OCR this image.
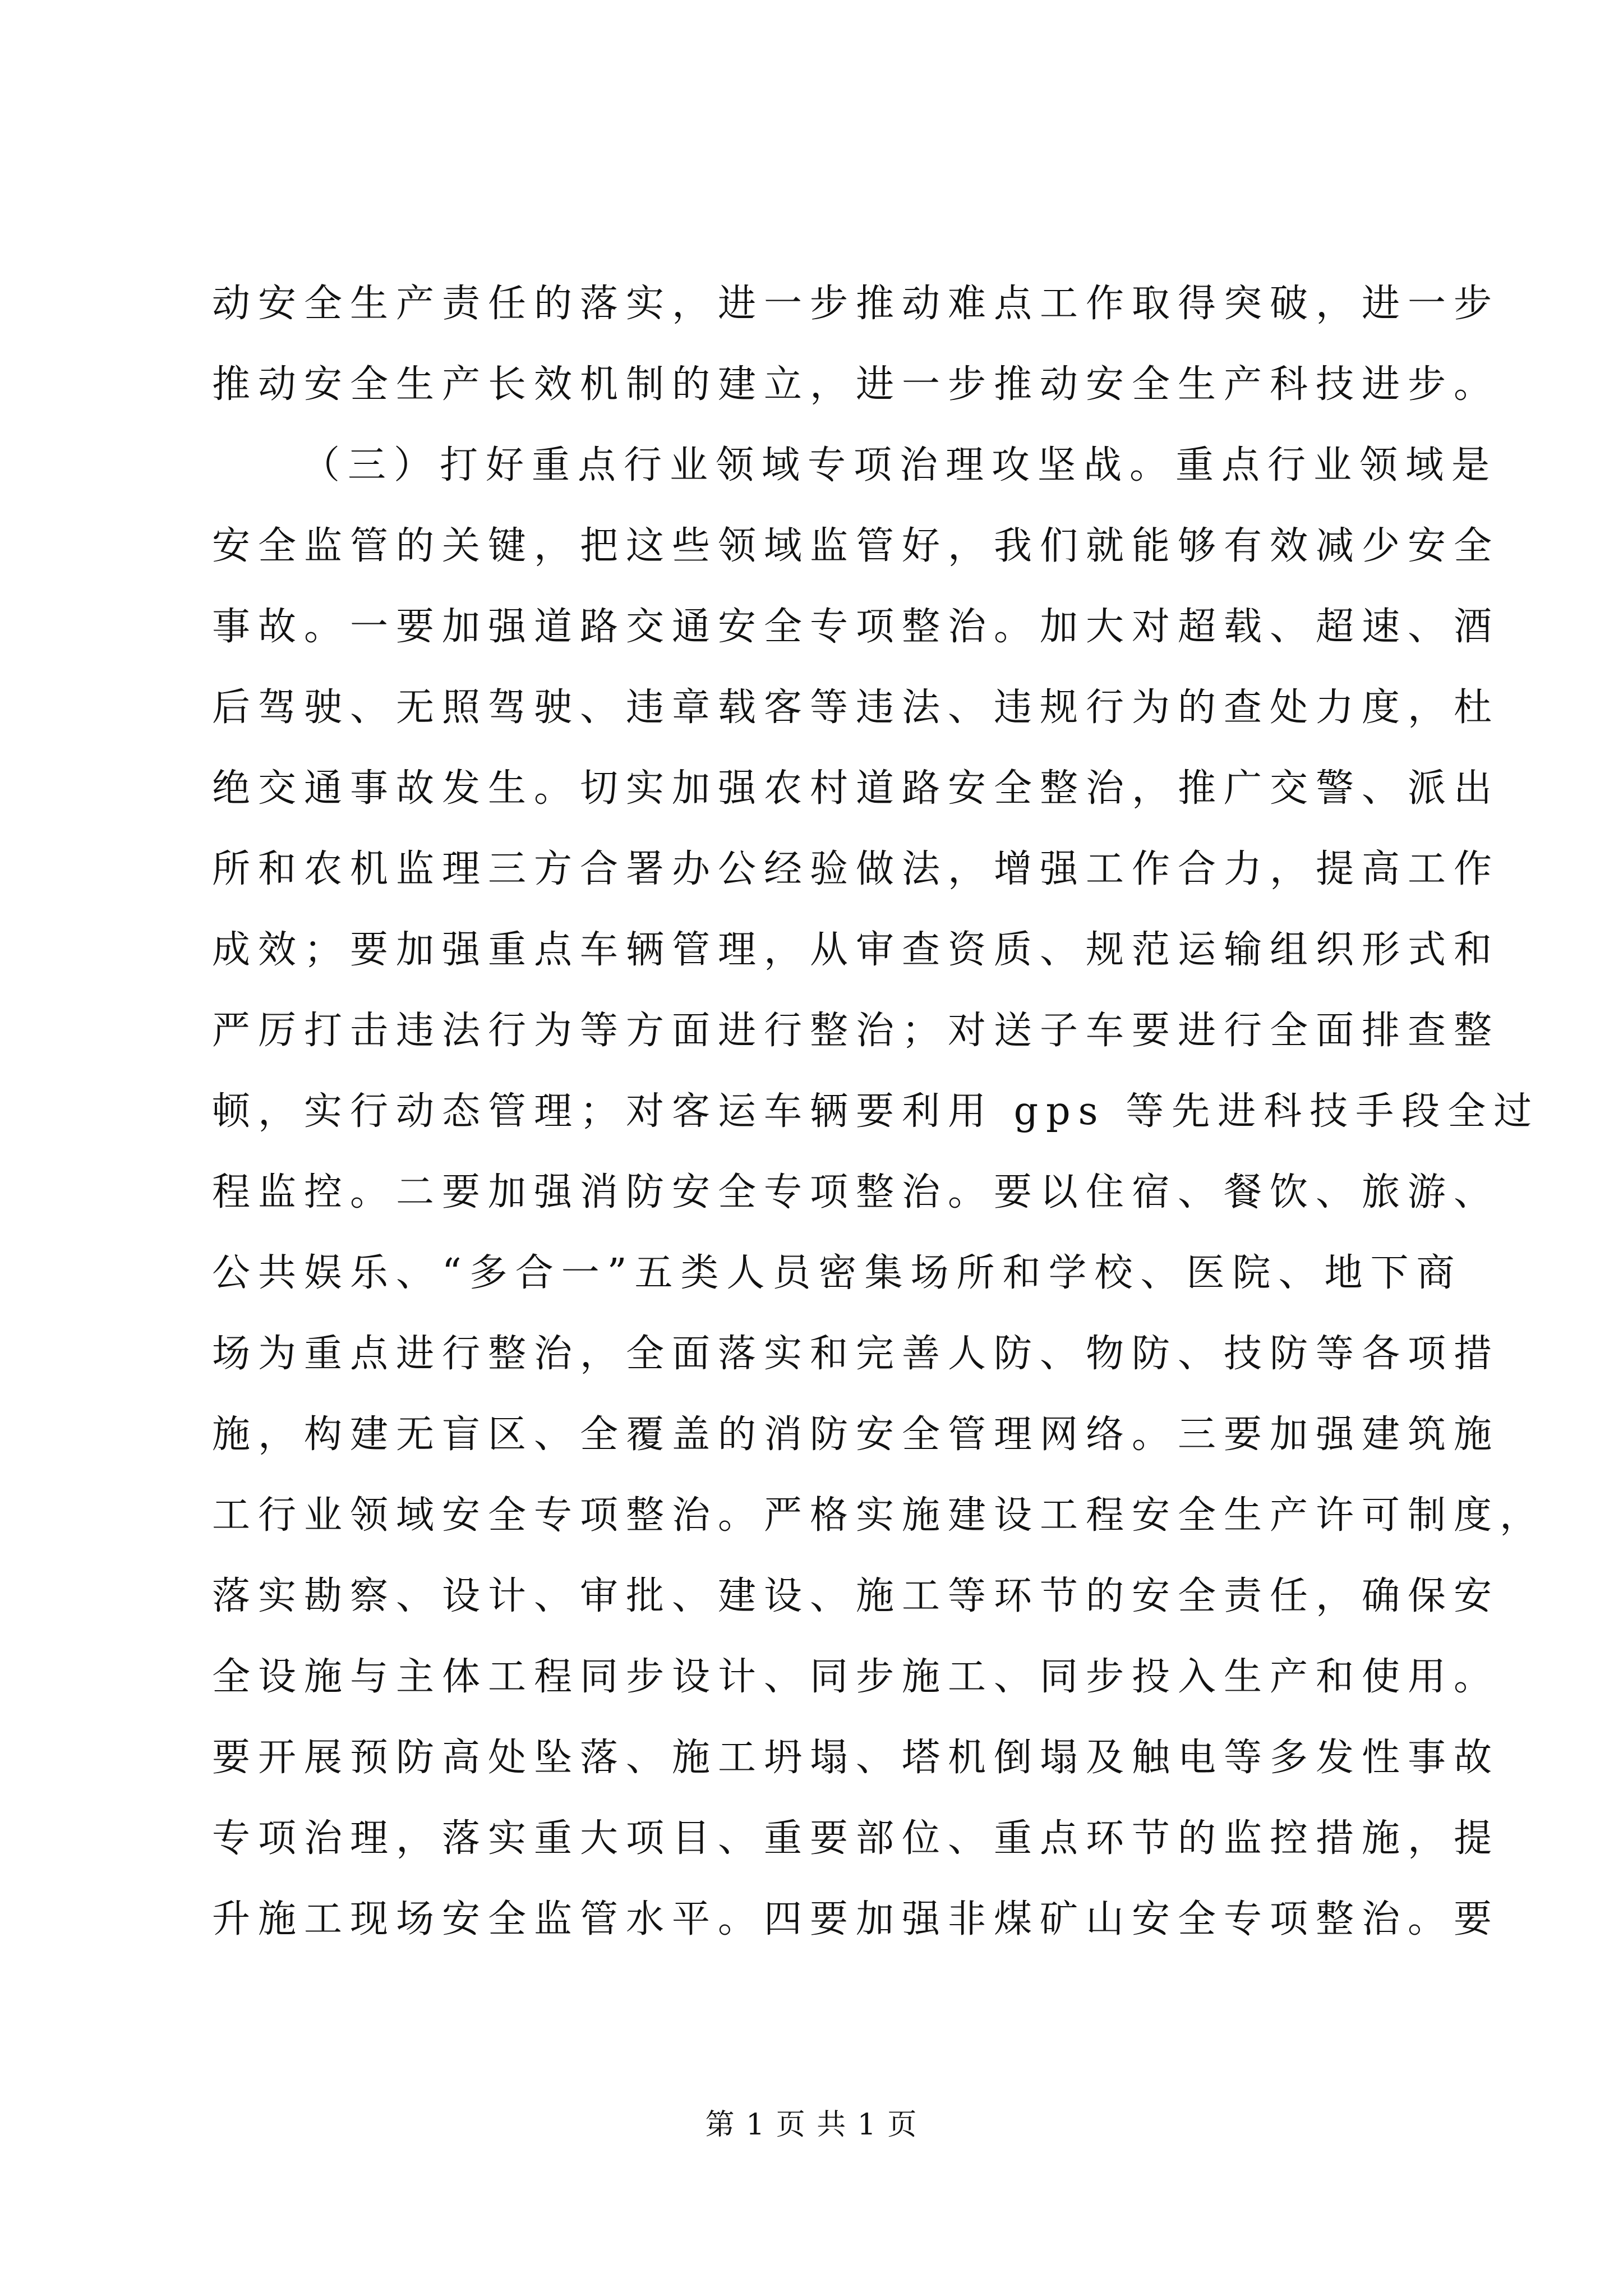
动安全生产责任的落实，进一步推动难点工作取得突破，进一步
推动安全生产长效机制的建立，进一步推动安全生产科技进步。
（三）打好重点行业领域专项治理攻坚战。重点行业领域是
安全监管的关键，把这些领域监管好，我们就能够有效减少安全
事故。一要加强道路交通安全专项整治。加大对超载、超速、酒
后驾驶、无照驾驶、违章载客等违法、违规行为的查处力度，杜
绝交通事故发生。切实加强农村道路安全整治，推广交警、派出
所和农机监理三方合署办公经验做法，增强工作合力，提高工作
成效；要加强重点车辆管理，从审查资质、规范运输组织形式和
严厉打击违法行为等方面进行整治；对送子车要进行全面排查整
顿，实行动态管理；对客运车辆要利用 gps 等先进科技手段全过
程监控。二要加强消防安全专项整治。要以住宿、餐饮、旅游、
公共娱乐、“多合一”五类人员密集场所和学校、医院、地下商
场为重点进行整治，全面落实和完善人防、物防、技防等各项措
施，构建无盲区、全覆盖的消防安全管理网络。三要加强建筑施
工行业领域安全专项整治。严格实施建设工程安全生产许可制度，
落实勘察、设计、审批、建设、施工等环节的安全责任，确保安
全设施与主体工程同步设计、同步施工、同步投入生产和使用。
要开展预防高处坠落、施工坍塌、塔机倒塌及触电等多发性事故
专项治理，落实重大项目、重要部位、重点环节的监控措施，提
升施工现场安全监管水平。四要加强非煤矿山安全专项整治。要
第 1 页 共 1 页
